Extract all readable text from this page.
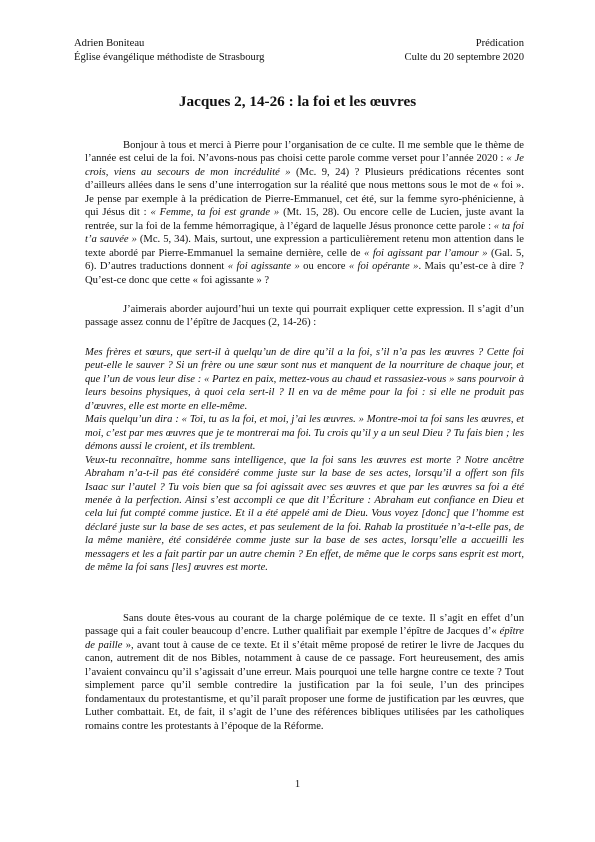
Adrien Boniteau
Église évangélique méthodiste de Strasbourg
Prédication
Culte du 20 septembre 2020
Jacques 2, 14-26 : la foi et les œuvres

Bonjour à tous et merci à Pierre pour l’organisation de ce culte. Il me semble que le thème de l’année est celui de la foi. N’avons-nous pas choisi cette parole comme verset pour l’année 2020 : « Je crois, viens au secours de mon incrédulité » (Mc. 9, 24) ? Plusieurs prédications récentes sont d’ailleurs allées dans le sens d’une interrogation sur la réalité que nous mettons sous le mot de « foi ». Je pense par exemple à la prédication de Pierre-Emmanuel, cet été, sur la femme syro-phénicienne, à qui Jésus dit : « Femme, ta foi est grande » (Mt. 15, 28). Ou encore celle de Lucien, juste avant la rentrée, sur la foi de la femme hémorragique, à l’égard de laquelle Jésus prononce cette parole : « ta foi t’a sauvée » (Mc. 5, 34). Mais, surtout, une expression a particulièrement retenu mon attention dans le texte abordé par Pierre-Emmanuel la semaine dernière, celle de « foi agissant par l’amour » (Gal. 5, 6). D’autres traductions donnent « foi agissante » ou encore « foi opérante ». Mais qu’est-ce à dire ? Qu’est-ce donc que cette « foi agissante » ?

J’aimerais aborder aujourd’hui un texte qui pourrait expliquer cette expression. Il s’agit d’un passage assez connu de l’épître de Jacques (2, 14-26) :

Mes frères et sœurs, que sert-il à quelqu’un de dire qu’il a la foi, s’il n’a pas les œuvres ? Cette foi peut-elle le sauver ? Si un frère ou une sœur sont nus et manquent de la nourriture de chaque jour, et que l’un de vous leur dise : « Partez en paix, mettez-vous au chaud et rassasiez-vous » sans pourvoir à leurs besoins physiques, à quoi cela sert-il ? Il en va de même pour la foi : si elle ne produit pas d’œuvres, elle est morte en elle-même.

Mais quelqu’un dira : « Toi, tu as la foi, et moi, j’ai les œuvres. » Montre-moi ta foi sans les œuvres, et moi, c’est par mes œuvres que je te montrerai ma foi. Tu crois qu’il y a un seul Dieu ? Tu fais bien ; les démons aussi le croient, et ils tremblent.

Veux-tu reconnaître, homme sans intelligence, que la foi sans les œuvres est morte ? Notre ancêtre Abraham n’a-t-il pas été considéré comme juste sur la base de ses actes, lorsqu’il a offert son fils Isaac sur l’autel ? Tu vois bien que sa foi agissait avec ses œuvres et que par les œuvres sa foi a été menée à la perfection. Ainsi s’est accompli ce que dit l’Écriture : Abraham eut confiance en Dieu et cela lui fut compté comme justice. Et il a été appelé ami de Dieu. Vous voyez [donc] que l’homme est déclaré juste sur la base de ses actes, et pas seulement de la foi. Rahab la prostituée n’a-t-elle pas, de la même manière, été considérée comme juste sur la base de ses actes, lorsqu’elle a accueilli les messagers et les a fait partir par un autre chemin ? En effet, de même que le corps sans esprit est mort, de même la foi sans [les] œuvres est morte.

Sans doute êtes-vous au courant de la charge polémique de ce texte. Il s’agit en effet d’un passage qui a fait couler beaucoup d’encre. Luther qualifiait par exemple l’épître de Jacques d’« épître de paille », avant tout à cause de ce texte. Et il s’était même proposé de retirer le livre de Jacques du canon, autrement dit de nos Bibles, notamment à cause de ce passage. Fort heureusement, des amis l’avaient convaincu qu’il s’agissait d’une erreur. Mais pourquoi une telle hargne contre ce texte ? Tout simplement parce qu’il semble contredire la justification par la foi seule, l’un des principes fondamentaux du protestantisme, et qu’il paraît proposer une forme de justification par les œuvres, que Luther combattait. Et, de fait, il s’agit de l’une des références bibliques utilisées par les catholiques romains contre les protestants à l’époque de la Réforme.

1
